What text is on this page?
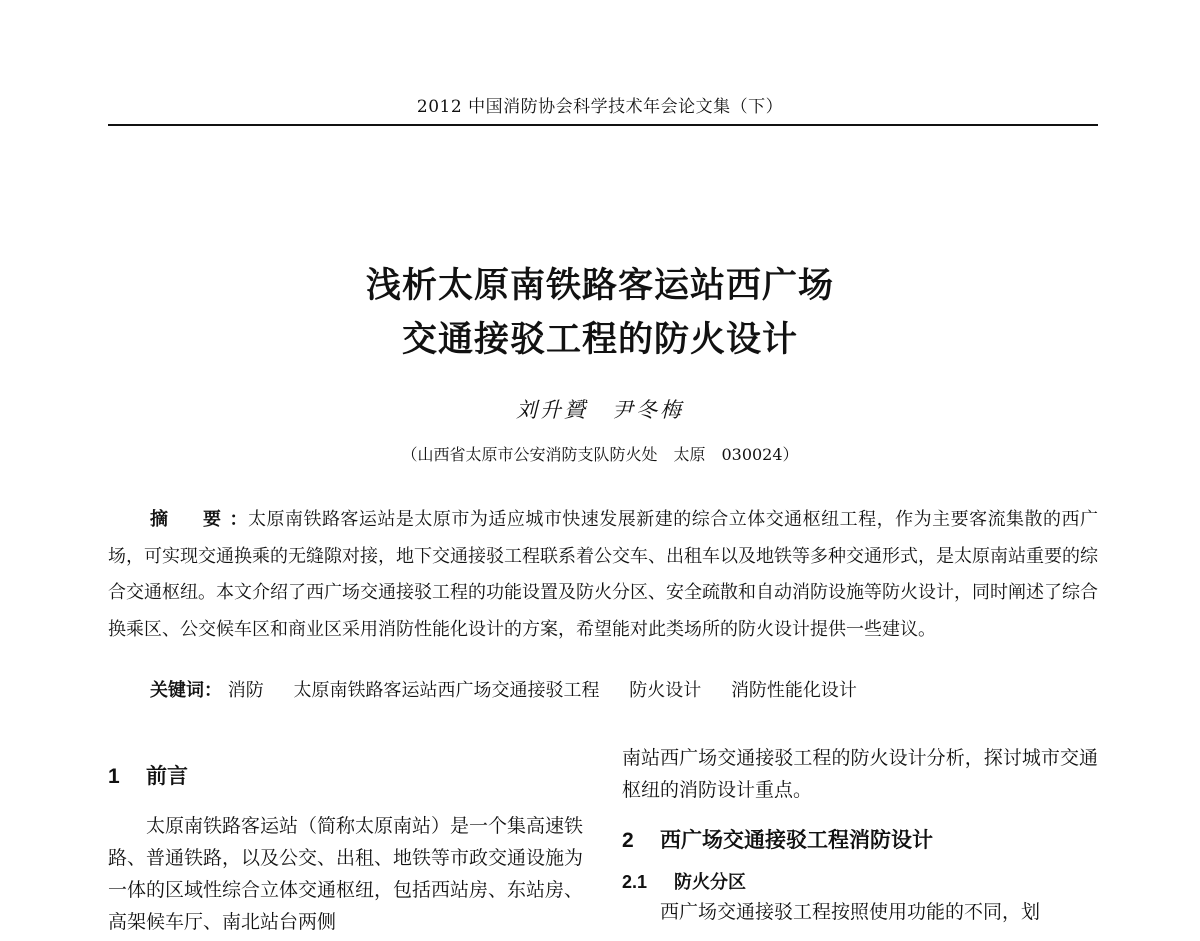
2012 中国消防协会科学技术年会论文集（下）
浅析太原南铁路客运站西广场
交通接驳工程的防火设计
刘升贇　尹冬梅
（山西省太原市公安消防支队防火处　太原　030024）
摘　要：太原南铁路客运站是太原市为适应城市快速发展新建的综合立体交通枢纽工程，作为主要客流集散的西广场，可实现交通换乘的无缝隙对接，地下交通接驳工程联系着公交车、出租车以及地铁等多种交通形式，是太原南站重要的综合交通枢纽。本文介绍了西广场交通接驳工程的功能设置及防火分区、安全疏散和自动消防设施等防火设计，同时阐述了综合换乘区、公交候车区和商业区采用消防性能化设计的方案，希望能对此类场所的防火设计提供一些建议。
关键词： 消防 太原南铁路客运站西广场交通接驳工程 防火设计 消防性能化设计
1 前言
太原南铁路客运站（简称太原南站）是一个集高速铁路、普通铁路，以及公交、出租、地铁等市政交通设施为一体的区域性综合立体交通枢纽，包括西站房、东站房、高架候车厅、南北站台两侧
南站西广场交通接驳工程的防火设计分析，探讨城市交通枢纽的消防设计重点。
2 西广场交通接驳工程消防设计
2.1 防火分区
西广场交通接驳工程按照使用功能的不同，划
